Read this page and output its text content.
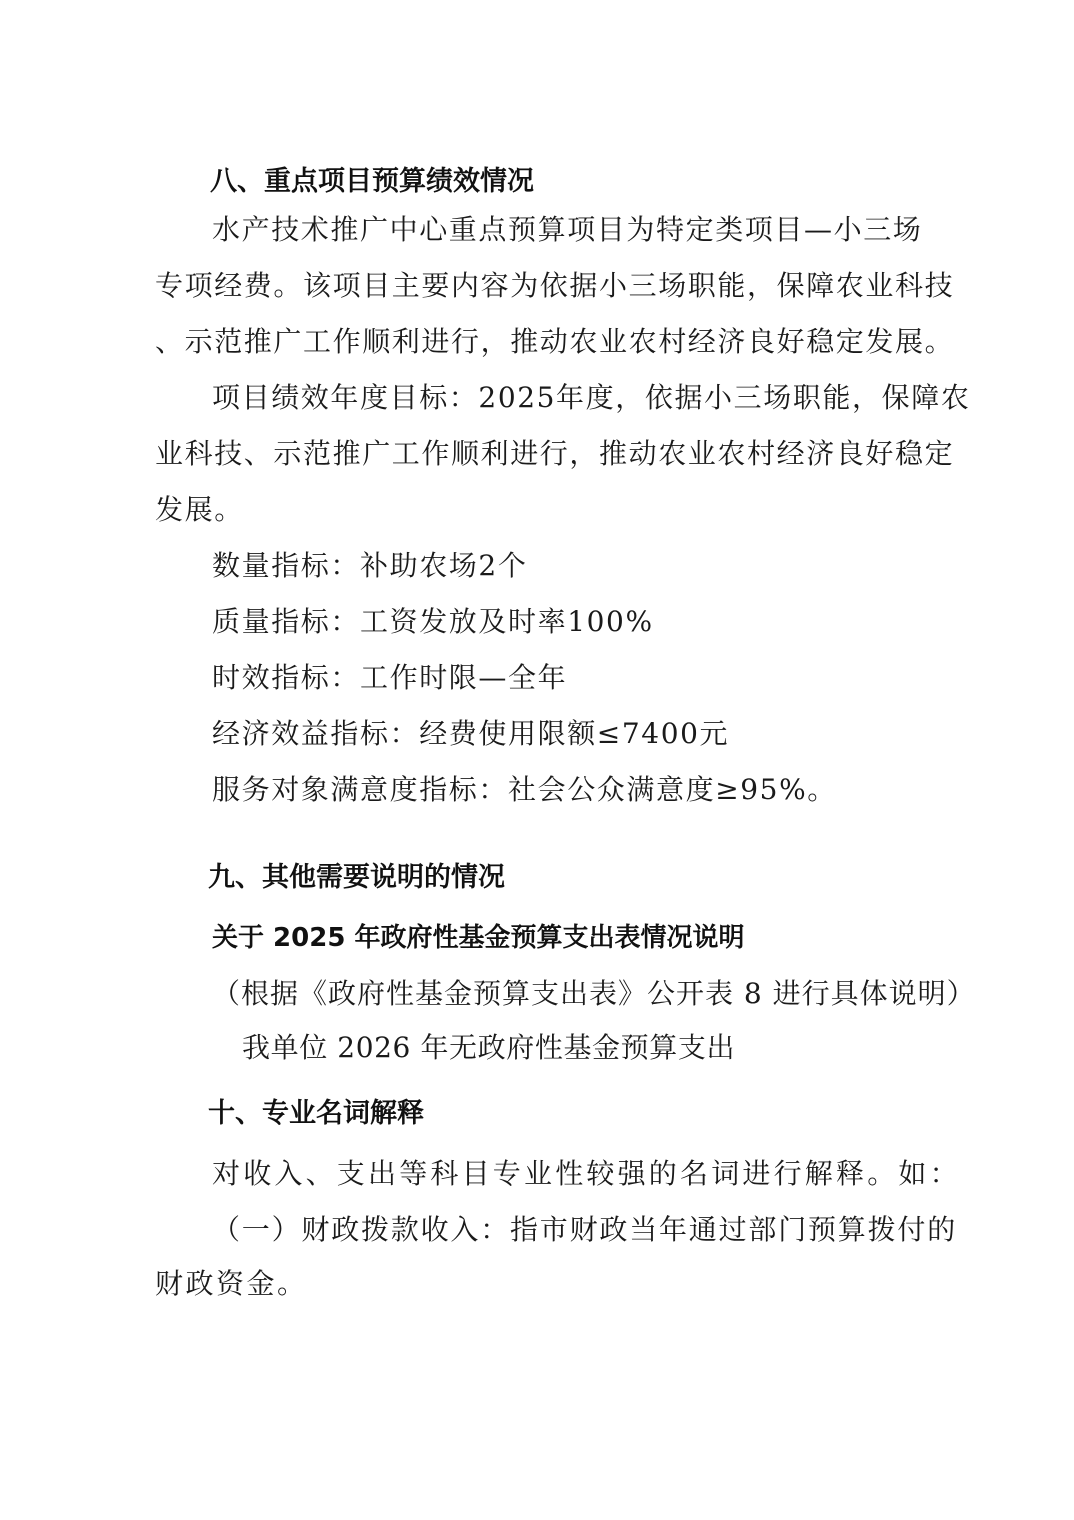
八、重点项目预算绩效情况
水产技术推广中心重点预算项目为特定类项目—小三场
专项经费。该项目主要内容为依据小三场职能，保障农业科技
、示范推广工作顺利进行，推动农业农村经济良好稳定发展。
项目绩效年度目标：2025年度，依据小三场职能，保障农
业科技、示范推广工作顺利进行，推动农业农村经济良好稳定
发展。
数量指标：补助农场2个
质量指标：工资发放及时率100%
时效指标：工作时限—全年
经济效益指标：经费使用限额≤7400元
服务对象满意度指标：社会公众满意度≥95%。
九、其他需要说明的情况
关于 2025 年政府性基金预算支出表情况说明
（根据《政府性基金预算支出表》公开表 8 进行具体说明）
我单位 2026 年无政府性基金预算支出
十、专业名词解释
对收入、支出等科目专业性较强的名词进行解释。如：
（一）财政拨款收入：指市财政当年通过部门预算拨付的
财政资金。
